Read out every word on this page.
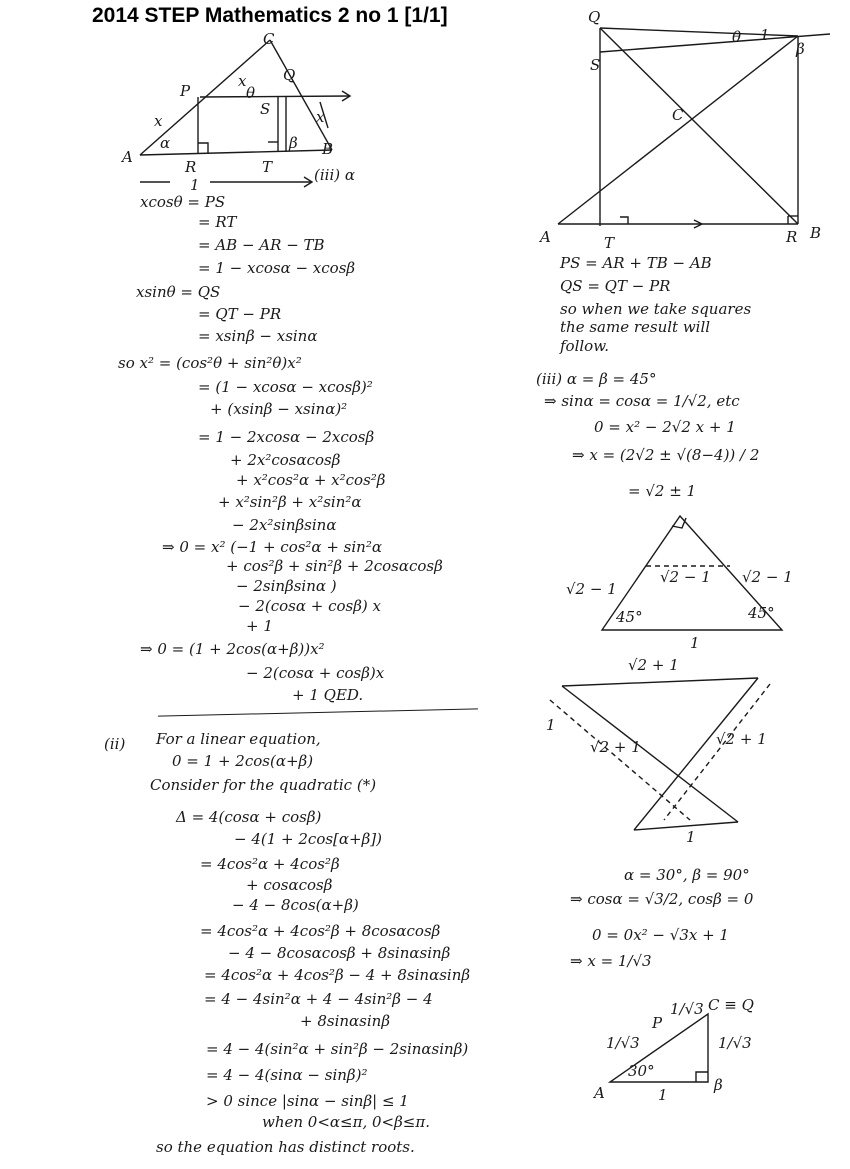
2014 STEP Mathematics 2 no 1 [1/1]
C
P
Q
x
θ
S
x	x
α	β
A	B
R	T
1
(iii) α
xcosθ = PS
= RT
= AB − AR − TB
= 1 − xcosα − xcosβ
xsinθ = QS
= QT − PR
= xsinβ − xsinα
so x² = (cos²θ + sin²θ)x²
= (1 − xcosα − xcosβ)²
+ (xsinβ − xsinα)²
= 1 − 2xcosα − 2xcosβ
+ 2x²cosαcosβ
+ x²cos²α + x²cos²β
+ x²sin²β + x²sin²α
− 2x²sinβsinα
⇒ 0 = x² (−1 + cos²α + sin²α
+ cos²β + sin²β + 2cosαcosβ
− 2sinβsinα )
− 2(cosα + cosβ) x
+ 1
⇒ 0 = (1 + 2cos(α+β))x²
− 2(cosα + cosβ)x
+ 1 QED.
(ii) For a linear equation,
0 = 1 + 2cos(α+β)
Consider for the quadratic (*)
Δ = 4(cosα + cosβ)
− 4(1 + 2cos[α+β])
= 4cos²α + 4cos²β
+ cosαcosβ
− 4 − 8cos(α+β)
= 4cos²α + 4cos²β + 8cosαcosβ
− 4 − 8cosαcosβ + 8sinαsinβ
= 4cos²α + 4cos²β − 4 + 8sinαsinβ
= 4 − 4sin²α + 4 − 4sin²β − 4
+ 8sinαsinβ
= 4 − 4(sin²α + sin²β − 2sinαsinβ)
= 4 − 4(sinα − sinβ)²
> 0 since |sinα − sinβ| ≤ 1
when 0<α≤π, 0<β≤π.
so the equation has distinct roots.
Q
θ 1
β
S
C
A	T	R B
PS = AR + TB − AB
QS = QT − PR
so when we take squares
the same result will
follow.
(iii) α = β = 45°
⇒ sinα = cosα = 1/√2, etc
0 = x² − 2√2 x + 1
⇒ x = (2√2 ± √(8−4)) / 2
= √2 ± 1
√2 − 1
√2 − 1
√2 − 1
45°	45°
1
√2 + 1
1
√2 + 1	√2 + 1
1
α = 30°, β = 90°
⇒ cosα = √3/2, cosβ = 0
0 = 0x² − √3x + 1
⇒ x = 1/√3
C ≡ Q
1/√3
P
1/√3	1/√3
30°
A	1
β
